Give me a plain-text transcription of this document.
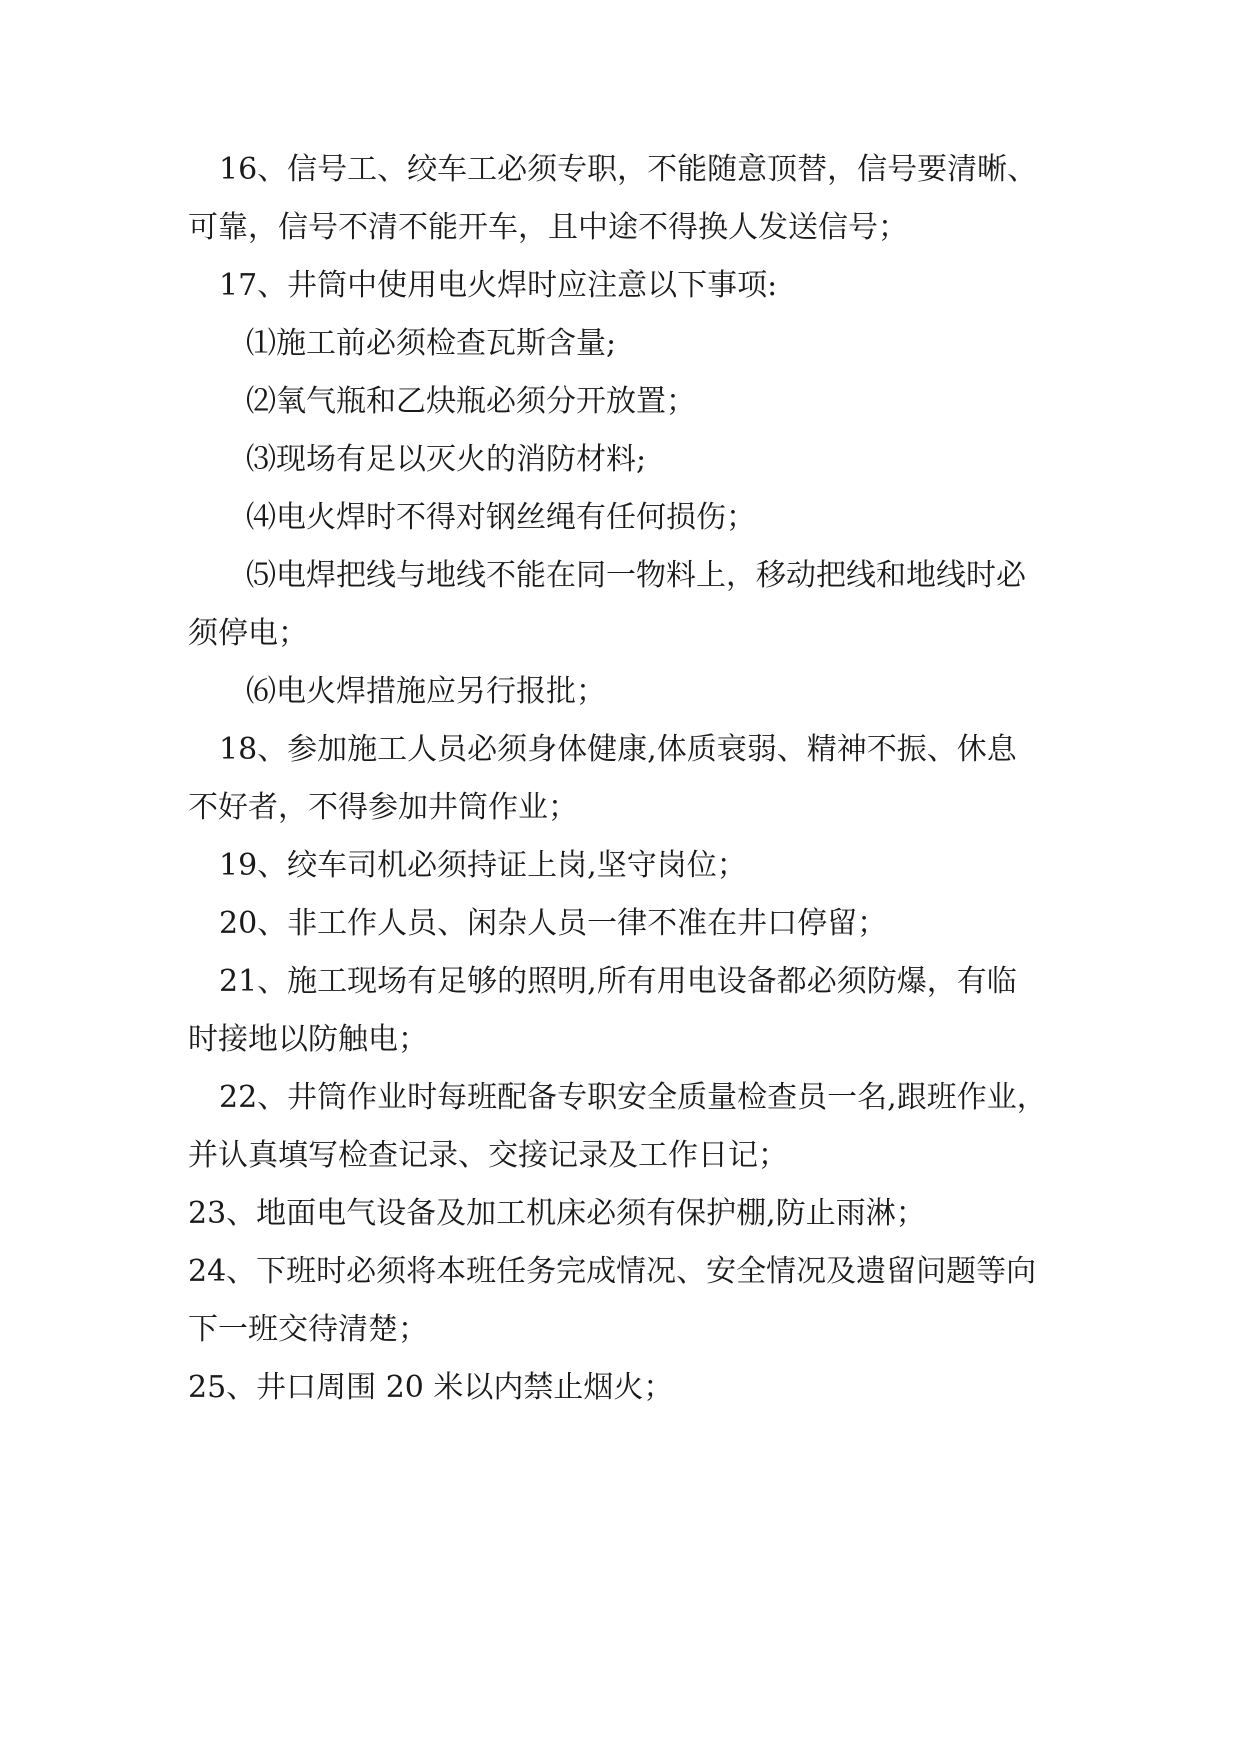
16、信号工、绞车工必须专职，不能随意顶替，信号要清晰、
可靠，信号不清不能开车，且中途不得换人发送信号；
17、井筒中使用电火焊时应注意以下事项:
⑴施工前必须检查瓦斯含量;
⑵氧气瓶和乙炔瓶必须分开放置；
⑶现场有足以灭火的消防材料;
⑷电火焊时不得对钢丝绳有任何损伤；
⑸电焊把线与地线不能在同一物料上，移动把线和地线时必
须停电；
⑹电火焊措施应另行报批；
18、参加施工人员必须身体健康,体质衰弱、精神不振、休息
不好者，不得参加井筒作业；
19、绞车司机必须持证上岗,坚守岗位；
20、非工作人员、闲杂人员一律不准在井口停留；
21、施工现场有足够的照明,所有用电设备都必须防爆，有临
时接地以防触电；
22、井筒作业时每班配备专职安全质量检查员一名,跟班作业，
并认真填写检查记录、交接记录及工作日记；
23、地面电气设备及加工机床必须有保护棚,防止雨淋；
24、下班时必须将本班任务完成情况、安全情况及遗留问题等向
下一班交待清楚；
25、井口周围 20 米以内禁止烟火；
